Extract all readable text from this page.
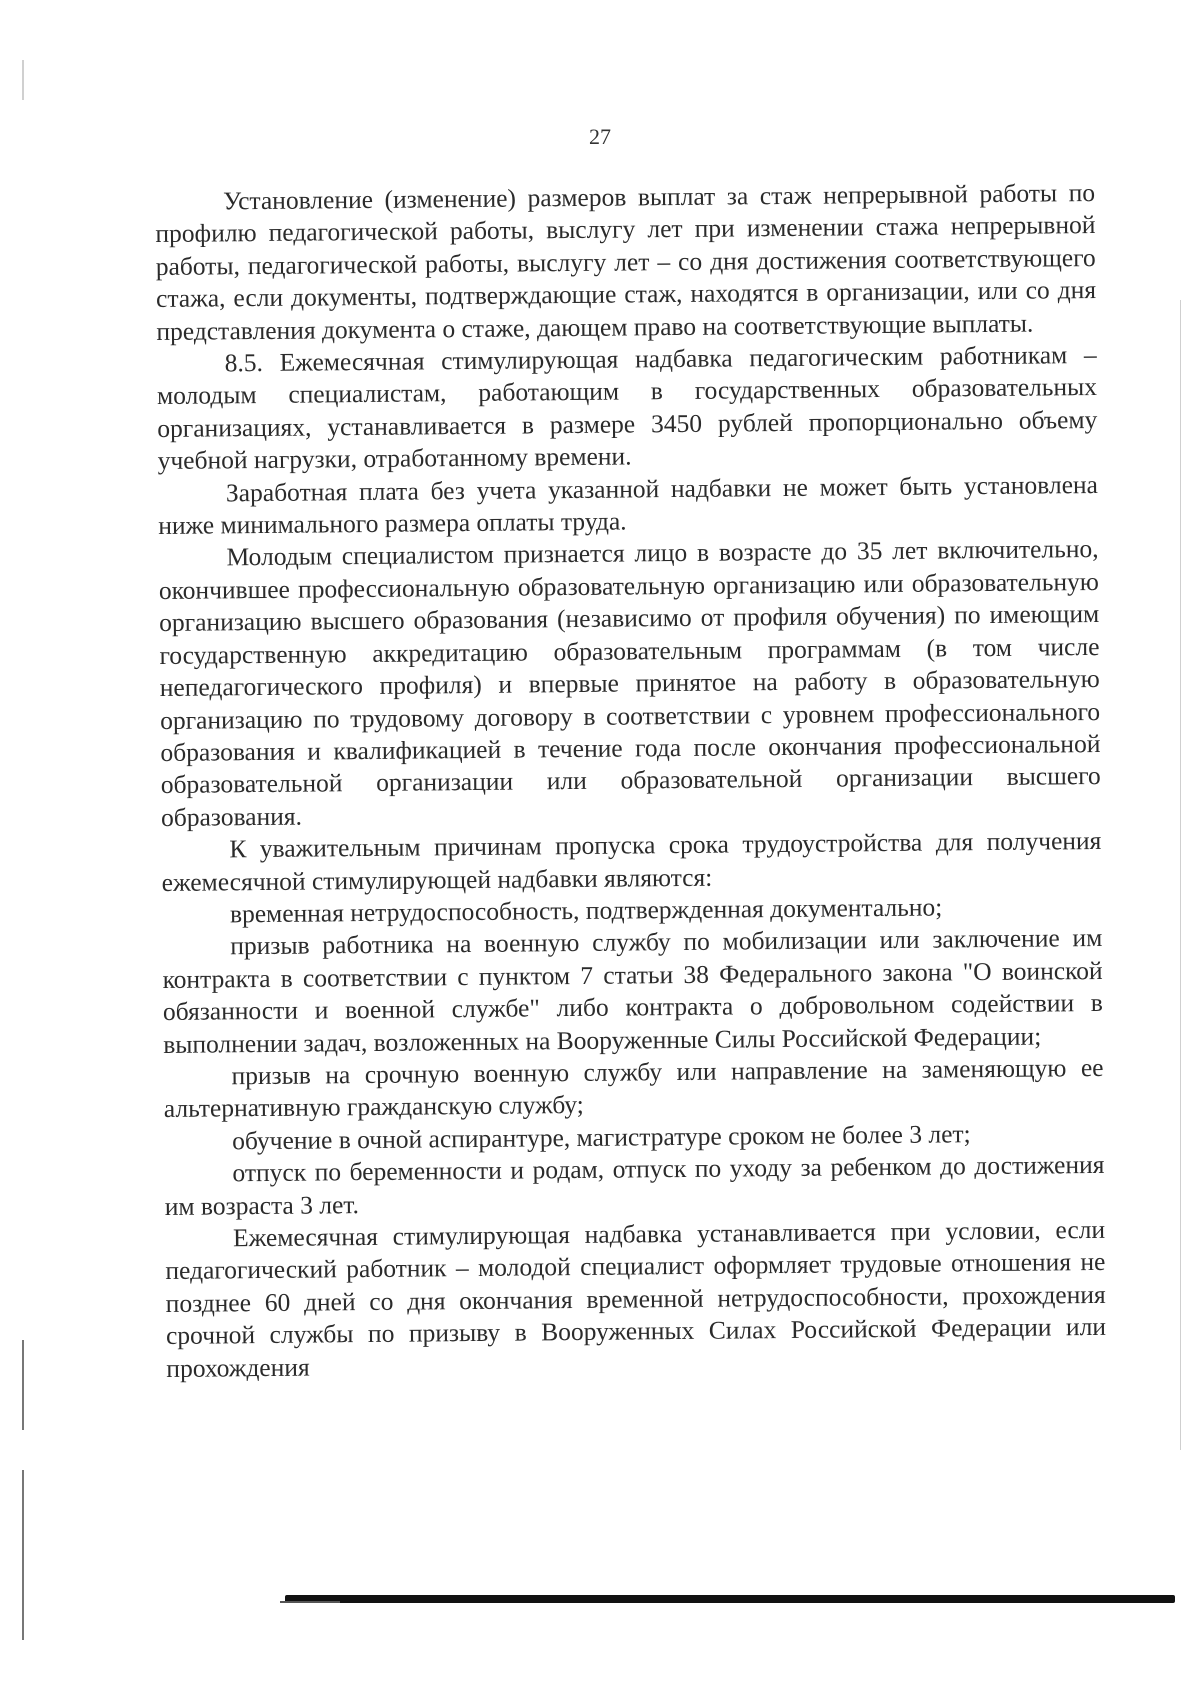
27

Установление (изменение) размеров выплат за стаж непрерывной работы по профилю педагогической работы, выслугу лет при изменении стажа непрерывной работы, педагогической работы, выслугу лет – со дня достижения соответствующего стажа, если документы, подтверждающие стаж, находятся в организации, или со дня представления документа о стаже, дающем право на соответствующие выплаты.

8.5. Ежемесячная стимулирующая надбавка педагогическим работникам – молодым специалистам, работающим в государственных образовательных организациях, устанавливается в размере 3450 рублей пропорционально объему учебной нагрузки, отработанному времени.

Заработная плата без учета указанной надбавки не может быть установлена ниже минимального размера оплаты труда.

Молодым специалистом признается лицо в возрасте до 35 лет включительно, окончившее профессиональную образовательную организацию или образовательную организацию высшего образования (независимо от профиля обучения) по имеющим государственную аккредитацию образовательным программам (в том числе непедагогического профиля) и впервые принятое на работу в образовательную организацию по трудовому договору в соответствии с уровнем профессионального образования и квалификацией в течение года после окончания профессиональной образовательной организации или образовательной организации высшего образования.

К уважительным причинам пропуска срока трудоустройства для получения ежемесячной стимулирующей надбавки являются:

временная нетрудоспособность, подтвержденная документально;

призыв работника на военную службу по мобилизации или заключение им контракта в соответствии с пунктом 7 статьи 38 Федерального закона "О воинской обязанности и военной службе" либо контракта о добровольном содействии в выполнении задач, возложенных на Вооруженные Силы Российской Федерации;

призыв на срочную военную службу или направление на заменяющую ее альтернативную гражданскую службу;

обучение в очной аспирантуре, магистратуре сроком не более 3 лет;

отпуск по беременности и родам, отпуск по уходу за ребенком до достижения им возраста 3 лет.

Ежемесячная стимулирующая надбавка устанавливается при условии, если педагогический работник – молодой специалист оформляет трудовые отношения не позднее 60 дней со дня окончания временной нетрудоспособности, прохождения срочной службы по призыву в Вооруженных Силах Российской Федерации или прохождения
